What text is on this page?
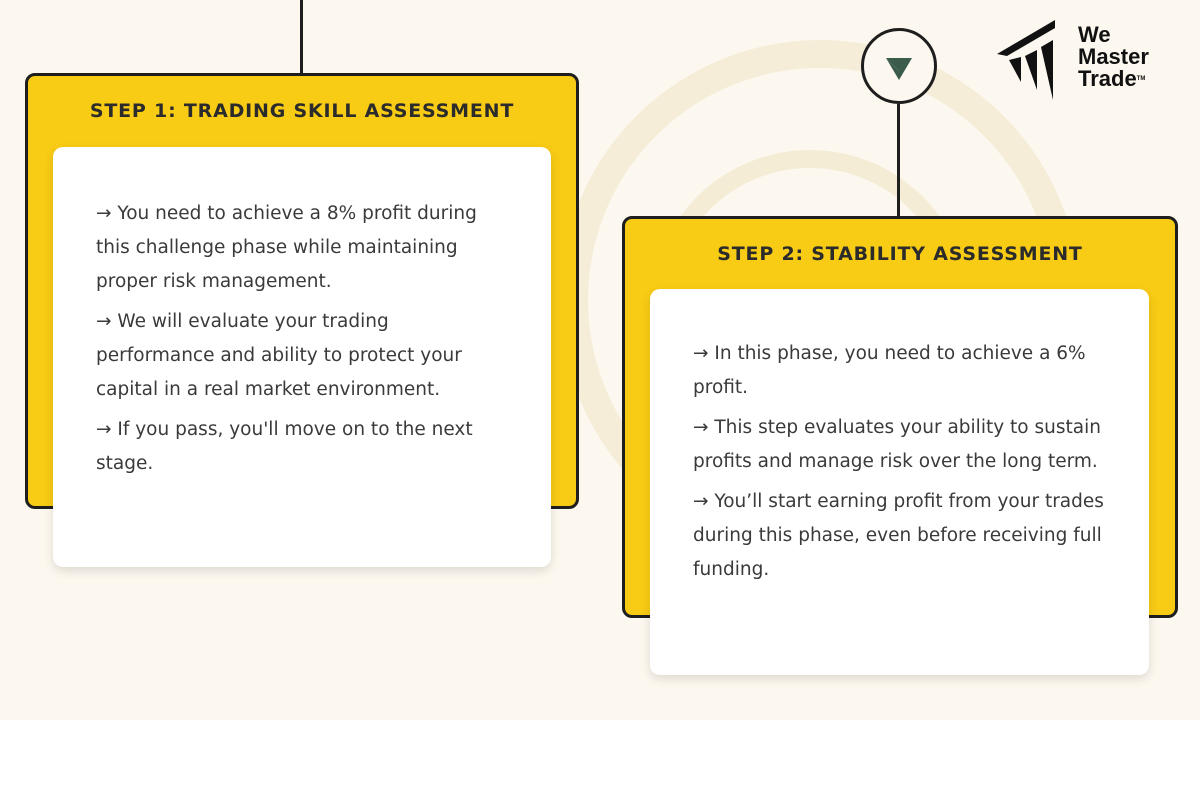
STEP 1: TRADING SKILL ASSESSMENT

→ You need to achieve a 8% profit during this challenge phase while maintaining proper risk management.

→ We will evaluate your trading performance and ability to protect your capital in a real market environment.

→ If you pass, you'll move on to the next stage.

STEP 2: STABILITY ASSESSMENT

→ In this phase, you need to achieve a 6% profit.

→ This step evaluates your ability to sustain profits and manage risk over the long term.

→ You’ll start earning profit from your trades during this phase, even before receiving full funding.

We
Master
Trade™
